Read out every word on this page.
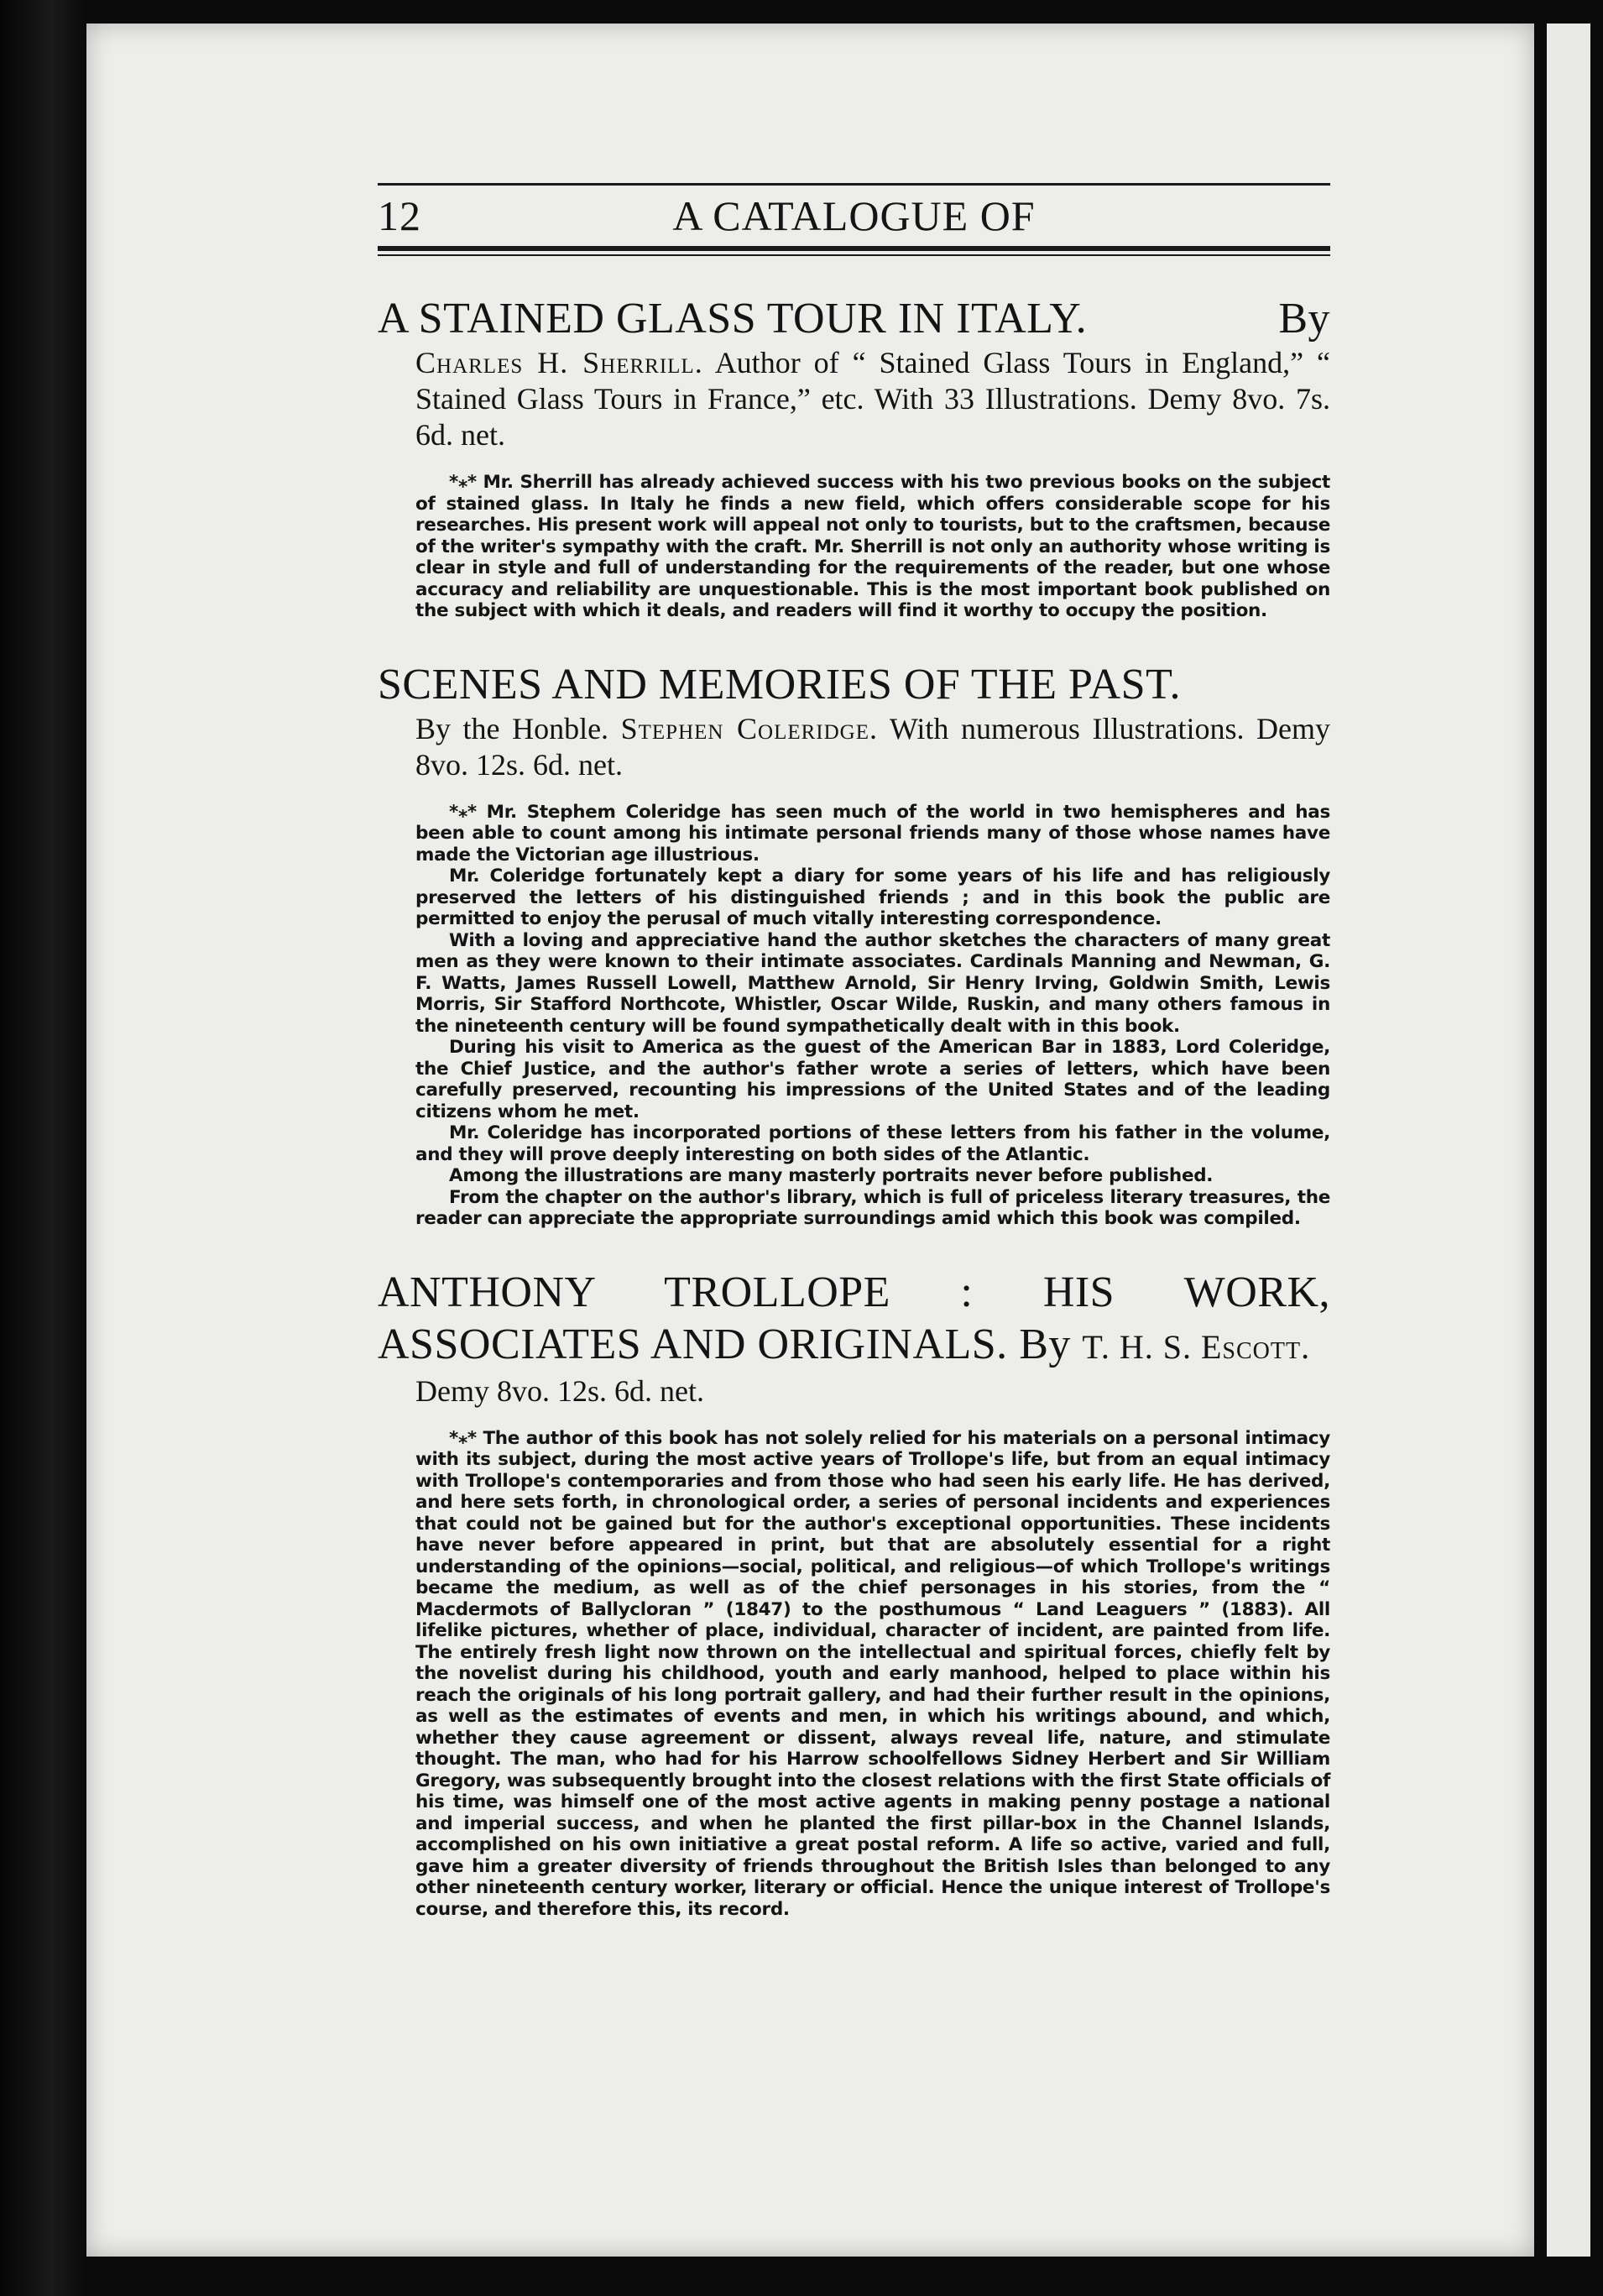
12	A CATALOGUE OF

A STAINED GLASS TOUR IN ITALY.	By

Charles H. Sherrill. Author of “ Stained Glass Tours in England,” “ Stained Glass Tours in France,” etc. With 33 Illustrations. Demy 8vo. 7s. 6d. net.

*⁎* Mr. Sherrill has already achieved success with his two previous books on the subject of stained glass. In Italy he finds a new field, which offers considerable scope for his researches. His present work will appeal not only to tourists, but to the craftsmen, because of the writer's sympathy with the craft. Mr. Sherrill is not only an authority whose writing is clear in style and full of understanding for the requirements of the reader, but one whose accuracy and reliability are unquestionable. This is the most important book published on the subject with which it deals, and readers will find it worthy to occupy the position.

SCENES AND MEMORIES OF THE PAST.

By the Honble. Stephen Coleridge. With numerous Illustrations. Demy 8vo. 12s. 6d. net.

*⁎* Mr. Stephem Coleridge has seen much of the world in two hemispheres and has been able to count among his intimate personal friends many of those whose names have made the Victorian age illustrious.

Mr. Coleridge fortunately kept a diary for some years of his life and has religiously preserved the letters of his distinguished friends ; and in this book the public are permitted to enjoy the perusal of much vitally interesting correspondence.

With a loving and appreciative hand the author sketches the characters of many great men as they were known to their intimate associates. Cardinals Manning and Newman, G. F. Watts, James Russell Lowell, Matthew Arnold, Sir Henry Irving, Goldwin Smith, Lewis Morris, Sir Stafford Northcote, Whistler, Oscar Wilde, Ruskin, and many others famous in the nineteenth century will be found sympathetically dealt with in this book.

During his visit to America as the guest of the American Bar in 1883, Lord Coleridge, the Chief Justice, and the author's father wrote a series of letters, which have been carefully preserved, recounting his impressions of the United States and of the leading citizens whom he met.

Mr. Coleridge has incorporated portions of these letters from his father in the volume, and they will prove deeply interesting on both sides of the Atlantic.

Among the illustrations are many masterly portraits never before published.

From the chapter on the author's library, which is full of priceless literary treasures, the reader can appreciate the appropriate surroundings amid which this book was compiled.

ANTHONY TROLLOPE : HIS WORK, ASSOCIATES AND ORIGINALS. By T. H. S. Escott.

Demy 8vo. 12s. 6d. net.

*⁎* The author of this book has not solely relied for his materials on a personal intimacy with its subject, during the most active years of Trollope's life, but from an equal intimacy with Trollope's contemporaries and from those who had seen his early life. He has derived, and here sets forth, in chronological order, a series of personal incidents and experiences that could not be gained but for the author's exceptional opportunities. These incidents have never before appeared in print, but that are absolutely essential for a right understanding of the opinions—social, political, and religious—of which Trollope's writings became the medium, as well as of the chief personages in his stories, from the “ Macdermots of Ballycloran ” (1847) to the posthumous “ Land Leaguers ” (1883). All lifelike pictures, whether of place, individual, character of incident, are painted from life. The entirely fresh light now thrown on the intellectual and spiritual forces, chiefly felt by the novelist during his childhood, youth and early manhood, helped to place within his reach the originals of his long portrait gallery, and had their further result in the opinions, as well as the estimates of events and men, in which his writings abound, and which, whether they cause agreement or dissent, always reveal life, nature, and stimulate thought. The man, who had for his Harrow schoolfellows Sidney Herbert and Sir William Gregory, was subsequently brought into the closest relations with the first State officials of his time, was himself one of the most active agents in making penny postage a national and imperial success, and when he planted the first pillar-box in the Channel Islands, accomplished on his own initiative a great postal reform. A life so active, varied and full, gave him a greater diversity of friends throughout the British Isles than belonged to any other nineteenth century worker, literary or official. Hence the unique interest of Trollope's course, and therefore this, its record.
